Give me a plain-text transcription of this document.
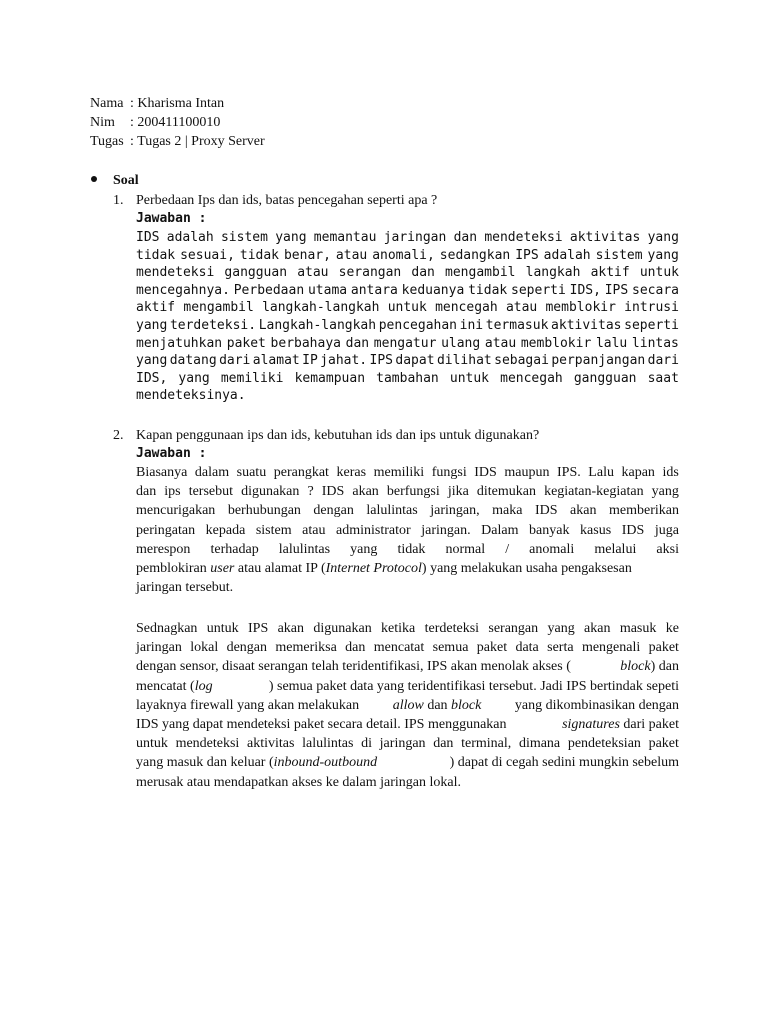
Nama : Kharisma Intan
Nim : 200411100010
Tugas : Tugas 2 | Proxy Server
Soal
1. Perbedaan Ips dan ids, batas pencegahan seperti apa ?
Jawaban :
IDS adalah sistem yang memantau jaringan dan mendeteksi aktivitas yang
tidak sesuai, tidak benar, atau anomali, sedangkan IPS adalah sistem yang
mendeteksi gangguan atau serangan dan mengambil langkah aktif untuk
mencegahnya. Perbedaan utama antara keduanya tidak seperti IDS, IPS secara
aktif mengambil langkah-langkah untuk mencegah atau memblokir intrusi
yang terdeteksi. Langkah-langkah pencegahan ini termasuk aktivitas seperti
menjatuhkan paket berbahaya dan mengatur ulang atau memblokir lalu lintas
yang datang dari alamat IP jahat. IPS dapat dilihat sebagai perpanjangan dari
IDS, yang memiliki kemampuan tambahan untuk mencegah gangguan saat
mendeteksinya.
2. Kapan penggunaan ips dan ids, kebutuhan ids dan ips untuk digunakan?
Jawaban :
Biasanya dalam suatu perangkat keras memiliki fungsi IDS maupun IPS. Lalu kapan ids
dan ips tersebut digunakan ? IDS akan berfungsi jika ditemukan kegiatan-kegiatan yang
mencurigakan berhubungan dengan lalulintas jaringan, maka IDS akan memberikan
peringatan kepada sistem atau administrator jaringan. Dalam banyak kasus IDS juga
merespon terhadap lalulintas yang tidak normal / anomali melalui aksi
pemblokiran user atau alamat IP ( Internet Protocol ) yang melakukan usaha pengaksesan
jaringan tersebut.
Sednagkan untuk IPS akan digunakan ketika terdeteksi serangan yang akan masuk ke
jaringan lokal dengan memeriksa dan mencatat semua paket data serta mengenali paket
dengan sensor, disaat serangan telah teridentifikasi, IPS akan menolak akses (	block) dan
mencatat (log	) semua paket data yang teridentifikasi tersebut. Jadi IPS bertindak sepeti
layaknya firewall yang akan melakukan allow dan block yang dikombinasikan dengan
IDS yang dapat mendeteksi paket secara detail. IPS menggunakan	signatures dari paket
untuk mendeteksi aktivitas lalulintas di jaringan dan terminal, dimana pendeteksian paket
yang masuk dan keluar (inbound-outbound	) dapat di cegah sedini mungkin sebelum
merusak atau mendapatkan akses ke dalam jaringan lokal.
